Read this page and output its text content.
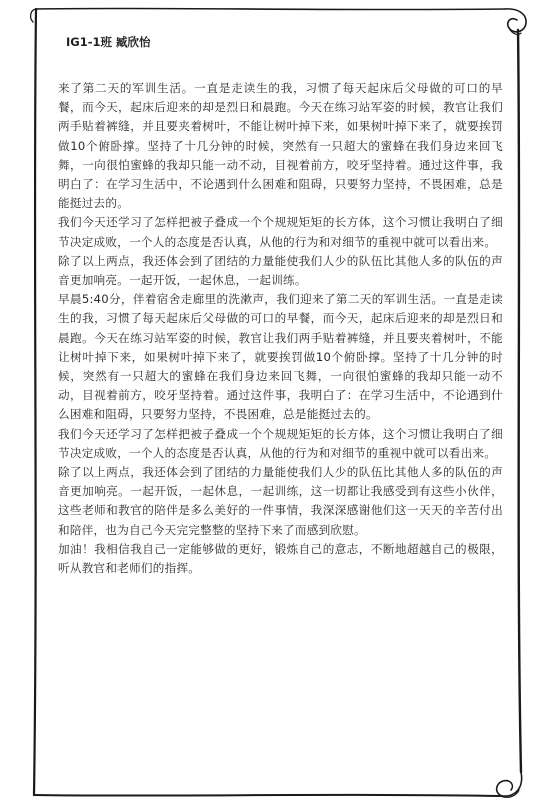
IG1-1班 臧欣怡

来了第二天的军训生活。一直是走读生的我，习惯了每天起床后父母做的可口的早餐，而今天，起床后迎来的却是烈日和晨跑。今天在练习站军姿的时候，教官让我们两手贴着裤缝，并且要夹着树叶，不能让树叶掉下来，如果树叶掉下来了，就要挨罚做10个俯卧撑。坚持了十几分钟的时候，突然有一只超大的蜜蜂在我们身边来回飞舞，一向很怕蜜蜂的我却只能一动不动，目视着前方，咬牙坚持着。通过这件事，我明白了：在学习生活中，不论遇到什么困难和阻碍，只要努力坚持，不畏困难，总是能挺过去的。

我们今天还学习了怎样把被子叠成一个个规规矩矩的长方体，这个习惯让我明白了细节决定成败，一个人的态度是否认真，从他的行为和对细节的重视中就可以看出来。

除了以上两点，我还体会到了团结的力量能使我们人少的队伍比其他人多的队伍的声音更加响亮。一起开饭，一起休息，一起训练。

早晨5:40分，伴着宿舍走廊里的洗漱声，我们迎来了第二天的军训生活。一直是走读生的我，习惯了每天起床后父母做的可口的早餐，而今天，起床后迎来的却是烈日和晨跑。今天在练习站军姿的时候，教官让我们两手贴着裤缝，并且要夹着树叶，不能让树叶掉下来，如果树叶掉下来了，就要挨罚做10个俯卧撑。坚持了十几分钟的时候，突然有一只超大的蜜蜂在我们身边来回飞舞，一向很怕蜜蜂的我却只能一动不动，目视着前方，咬牙坚持着。通过这件事，我明白了：在学习生活中，不论遇到什么困难和阻碍，只要努力坚持，不畏困难，总是能挺过去的。

我们今天还学习了怎样把被子叠成一个个规规矩矩的长方体，这个习惯让我明白了细节决定成败，一个人的态度是否认真，从他的行为和对细节的重视中就可以看出来。

除了以上两点，我还体会到了团结的力量能使我们人少的队伍比其他人多的队伍的声音更加响亮。一起开饭，一起休息，一起训练，这一切都让我感受到有这些小伙伴，这些老师和教官的陪伴是多么美好的一件事情，我深深感谢他们这一天天的辛苦付出和陪伴，也为自己今天完完整整的坚持下来了而感到欣慰。

加油！我相信我自己一定能够做的更好，锻炼自己的意志，不断地超越自己的极限，听从教官和老师们的指挥。
